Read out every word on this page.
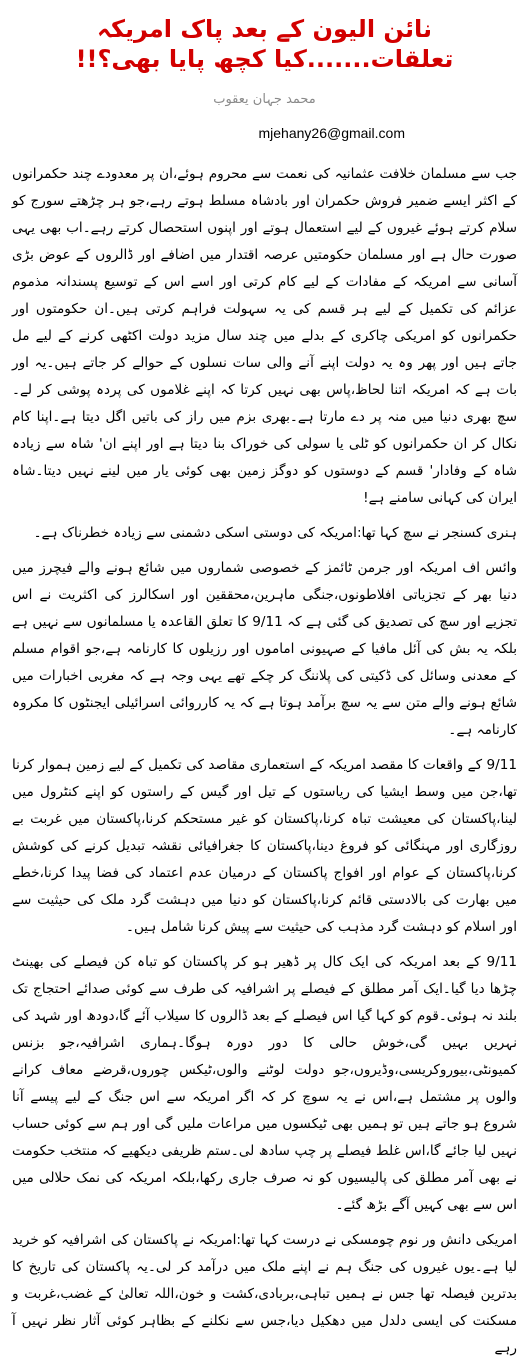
نائن الیون کے بعد پاک امریکہ تعلقات.......کیا کچھ پایا بھی؟!!
محمد جہان یعقوب
mjehany26@gmail.com

جب سے مسلمان خلافت عثمانیہ کی نعمت سے محروم ہوئے،ان پر معدودے چند حکمرانوں کے اکثر ایسے ضمیر فروش حکمران اور بادشاہ مسلط ہوتے رہے،جو ہر چڑھتے سورج کو سلام کرتے ہوئے غیروں کے لیے استعمال ہوتے اور اپنوں استحصال کرتے رہے۔اب بھی یہی صورت حال ہے اور مسلمان حکومتیں عرصہ اقتدار میں اضافے اور ڈالروں کے عوض بڑی آسانی سے امریکہ کے مفادات کے لیے کام کرتی اور اسے اس کے توسیع پسندانہ مذموم عزائم کی تکمیل کے لیے ہر قسم کی یہ سہولت فراہم کرتی ہیں۔ان حکومتوں اور حکمرانوں کو امریکی چاکری کے بدلے میں چند سال مزید دولت اکٹھی کرنے کے لیے مل جاتے ہیں اور پھر وہ یہ دولت اپنے آنے والی سات نسلوں کے حوالے کر جاتے ہیں۔یہ اور بات ہے کہ امریکہ اتنا لحاظ،پاس بھی نہیں کرتا کہ اپنے غلاموں کی پردہ پوشی کر لے۔سچ بھری دنیا میں منہ پر دے مارتا ہے۔بھری بزم میں راز کی باتیں اگل دیتا ہے۔اپنا کام نکال کر ان حکمرانوں کو ٹلی یا سولی کی خوراک بنا دیتا ہے اور اپنے ان' شاہ سے زیادہ شاہ کے وفادار' قسم کے دوستوں کو دوگز زمین بھی کوئی یار میں لینے نہیں دیتا۔شاہ ایران کی کہانی سامنے ہے!

ہنری کسنجر نے سچ کہا تھا:امریکہ کی دوستی اسکی دشمنی سے زیادہ خطرناک ہے۔

وائس اف امریکہ اور جرمن ٹائمز کے خصوصی شماروں میں شائع ہونے والے فیچرز میں دنیا بھر کے تجزیاتی افلاطونوں،جنگی ماہرین،محققین اور اسکالرز کی اکثریت نے اس تجزیے اور سچ کی تصدیق کی گئی ہے کہ 9/11 کا تعلق القاعدہ یا مسلمانوں سے نہیں ہے بلکہ یہ بش کی آئل مافیا کے صہیونی اماموں اور رزیلوں کا کارنامہ ہے،جو اقوام مسلم کے معدنی وسائل کی ڈکیتی کی پلاننگ کر چکے تھے یہی وجہ ہے کہ مغربی اخبارات میں شائع ہونے والے متن سے یہ سچ برآمد ہوتا ہے کہ یہ کارروائی اسرائیلی ایجنٹوں کا مکروہ کارنامہ ہے۔

9/11 کے واقعات کا مقصد امریکہ کے استعماری مقاصد کی تکمیل کے لیے زمین ہموار کرنا تھا،جن میں وسط ایشیا کی ریاستوں کے تیل اور گیس کے راستوں کو اپنے کنٹرول میں لینا،پاکستان کی معیشت تباہ کرنا،پاکستان کو غیر مستحکم کرنا،پاکستان میں غربت بے روزگاری اور مہنگائی کو فروغ دینا،پاکستان کا جغرافیائی نقشہ تبدیل کرنے کی کوشش کرنا،پاکستان کے عوام اور افواج پاکستان کے درمیان عدم اعتماد کی فضا پیدا کرنا،خطے میں بھارت کی بالادستی قائم کرنا،پاکستان کو دنیا میں دہشت گرد ملک کی حیثیت سے اور اسلام کو دہشت گرد مذہب کی حیثیت سے پیش کرنا شامل ہیں۔

9/11 کے بعد امریکہ کی ایک کال پر ڈھیر ہو کر پاکستان کو تباہ کن فیصلے کی بھینٹ چڑھا دیا گیا۔ایک آمر مطلق کے فیصلے پر اشرافیہ کی طرف سے کوئی صدائے احتجاج تک بلند نہ ہوئی۔قوم کو کہا گیا اس فیصلے کے بعد ڈالروں کا سیلاب آئے گا،دودھ اور شہد کی نہریں بہیں گی،خوش حالی کا دور دورہ ہوگا۔ہماری اشرافیہ،جو بزنس کمیونٹی،بیوروکریسی،وڈیروں،جو دولت لوٹنے والوں،ٹیکس چوروں،قرضے معاف کرانے والوں پر مشتمل ہے،اس نے یہ سوچ کر کہ اگر امریکہ سے اس جنگ کے لیے پیسے آنا شروع ہو جاتے ہیں تو ہمیں بھی ٹیکسوں میں مراعات ملیں گی اور ہم سے کوئی حساب نہیں لیا جائے گا،اس غلط فیصلے پر چپ سادھ لی۔ستم ظریفی دیکھیے کہ منتخب حکومت نے بھی آمر مطلق کی پالیسیوں کو نہ صرف جاری رکھا،بلکہ امریکہ کی نمک حلالی میں اس سے بھی کہیں آگے بڑھ گئے۔

امریکی دانش ور نوم چومسکی نے درست کہا تھا:امریکہ نے پاکستان کی اشرافیہ کو خرید لیا ہے۔یوں غیروں کی جنگ ہم نے اپنے ملک میں درآمد کر لی۔یہ پاکستان کی تاریخ کا بدترین فیصلہ تھا جس نے ہمیں تباہی،بربادی،کشت و خون،اللہ تعالیٰ کے غضب،غربت و مسکنت کی ایسی دلدل میں دھکیل دیا،جس سے نکلنے کے بظاہر کوئی آثار نظر نہیں آ رہے
